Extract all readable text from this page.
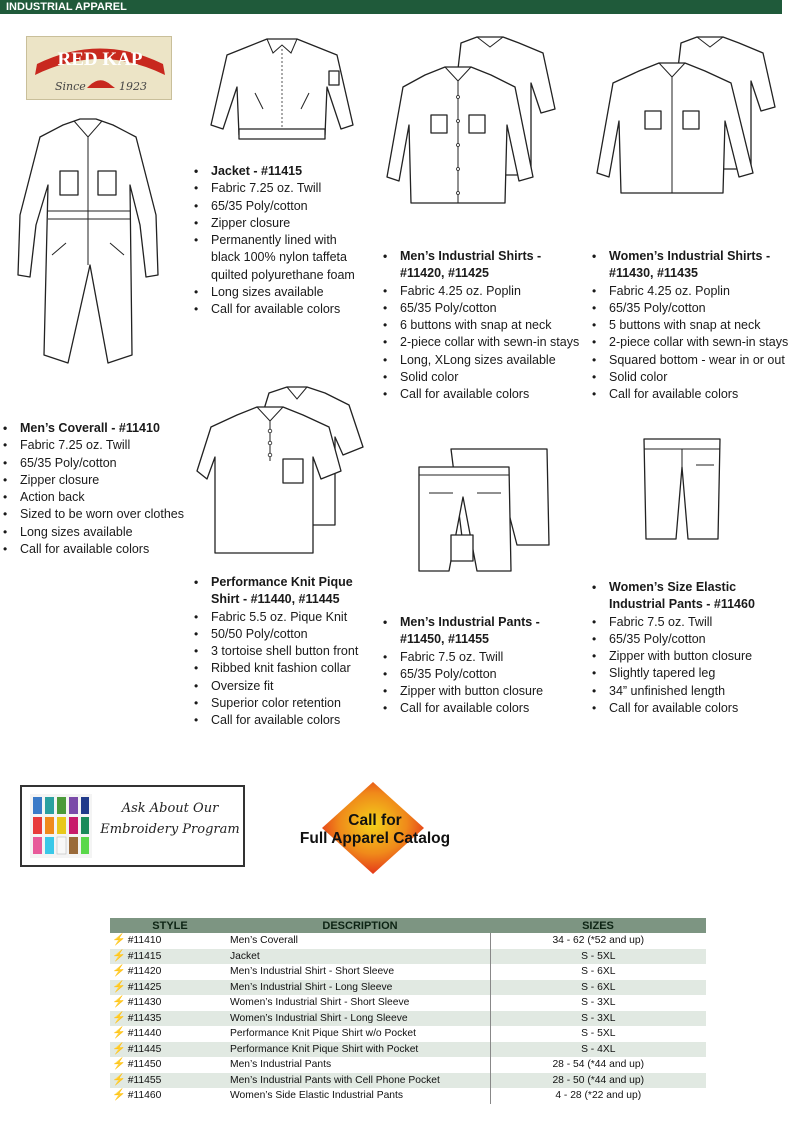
INDUSTRIAL APPAREL
RED KAP
Since	1923
• Jacket - #11415
• Fabric 7.25 oz. Twill
• 65/35 Poly/cotton
• Zipper closure
• Permanently lined with black 100% nylon taffeta quilted polyurethane foam
• Long sizes available
• Call for available colors
• Men’s Industrial Shirts - #11420, #11425
• Fabric 4.25 oz. Poplin
• 65/35 Poly/cotton
• 6 buttons with snap at neck
• 2-piece collar with sewn-in stays
• Long, XLong sizes available
• Solid color
• Call for available colors
• Women’s Industrial Shirts - #11430, #11435
• Fabric 4.25 oz. Poplin
• 65/35 Poly/cotton
• 5 buttons with snap at neck
• 2-piece collar with sewn-in stays
• Squared bottom - wear in or out
• Solid color
• Call for available colors
• Men’s Coverall - #11410
• Fabric 7.25 oz. Twill
• 65/35 Poly/cotton
• Zipper closure
• Action back
• Sized to be worn over clothes
• Long sizes available
• Call for available colors
• Performance Knit Pique Shirt - #11440, #11445
• Fabric 5.5 oz. Pique Knit
• 50/50 Poly/cotton
• 3 tortoise shell button front
• Ribbed knit fashion collar
• Oversize fit
• Superior color retention
• Call for available colors
• Men’s Industrial Pants - #11450, #11455
• Fabric 7.5 oz. Twill
• 65/35 Poly/cotton
• Zipper with button closure
• Call for available colors
• Women’s Size Elastic Industrial Pants - #11460
• Fabric 7.5 oz. Twill
• 65/35 Poly/cotton
• Zipper with button closure
• Slightly tapered leg
• 34” unfinished length
• Call for available colors
Ask About Our
Embroidery Program
Call for
Full Apparel Catalog
STYLE	DESCRIPTION	SIZES
⚡ #11410	Men’s Coverall	34 - 62 (*52 and up)
⚡ #11415	Jacket	S - 5XL
⚡ #11420	Men’s Industrial Shirt - Short Sleeve	S - 6XL
⚡ #11425	Men’s Industrial Shirt - Long Sleeve	S - 6XL
⚡ #11430	Women’s Industrial Shirt - Short Sleeve	S - 3XL
⚡ #11435	Women’s Industrial Shirt - Long Sleeve	S - 3XL
⚡ #11440	Performance Knit Pique Shirt w/o Pocket	S - 5XL
⚡ #11445	Performance Knit Pique Shirt with Pocket	S - 4XL
⚡ #11450	Men’s Industrial Pants	28 - 54 (*44 and up)
⚡ #11455	Men’s Industrial Pants with Cell Phone Pocket	28 - 50 (*44 and up)
⚡ #11460	Women’s Side Elastic Industrial Pants	4 - 28 (*22 and up)
